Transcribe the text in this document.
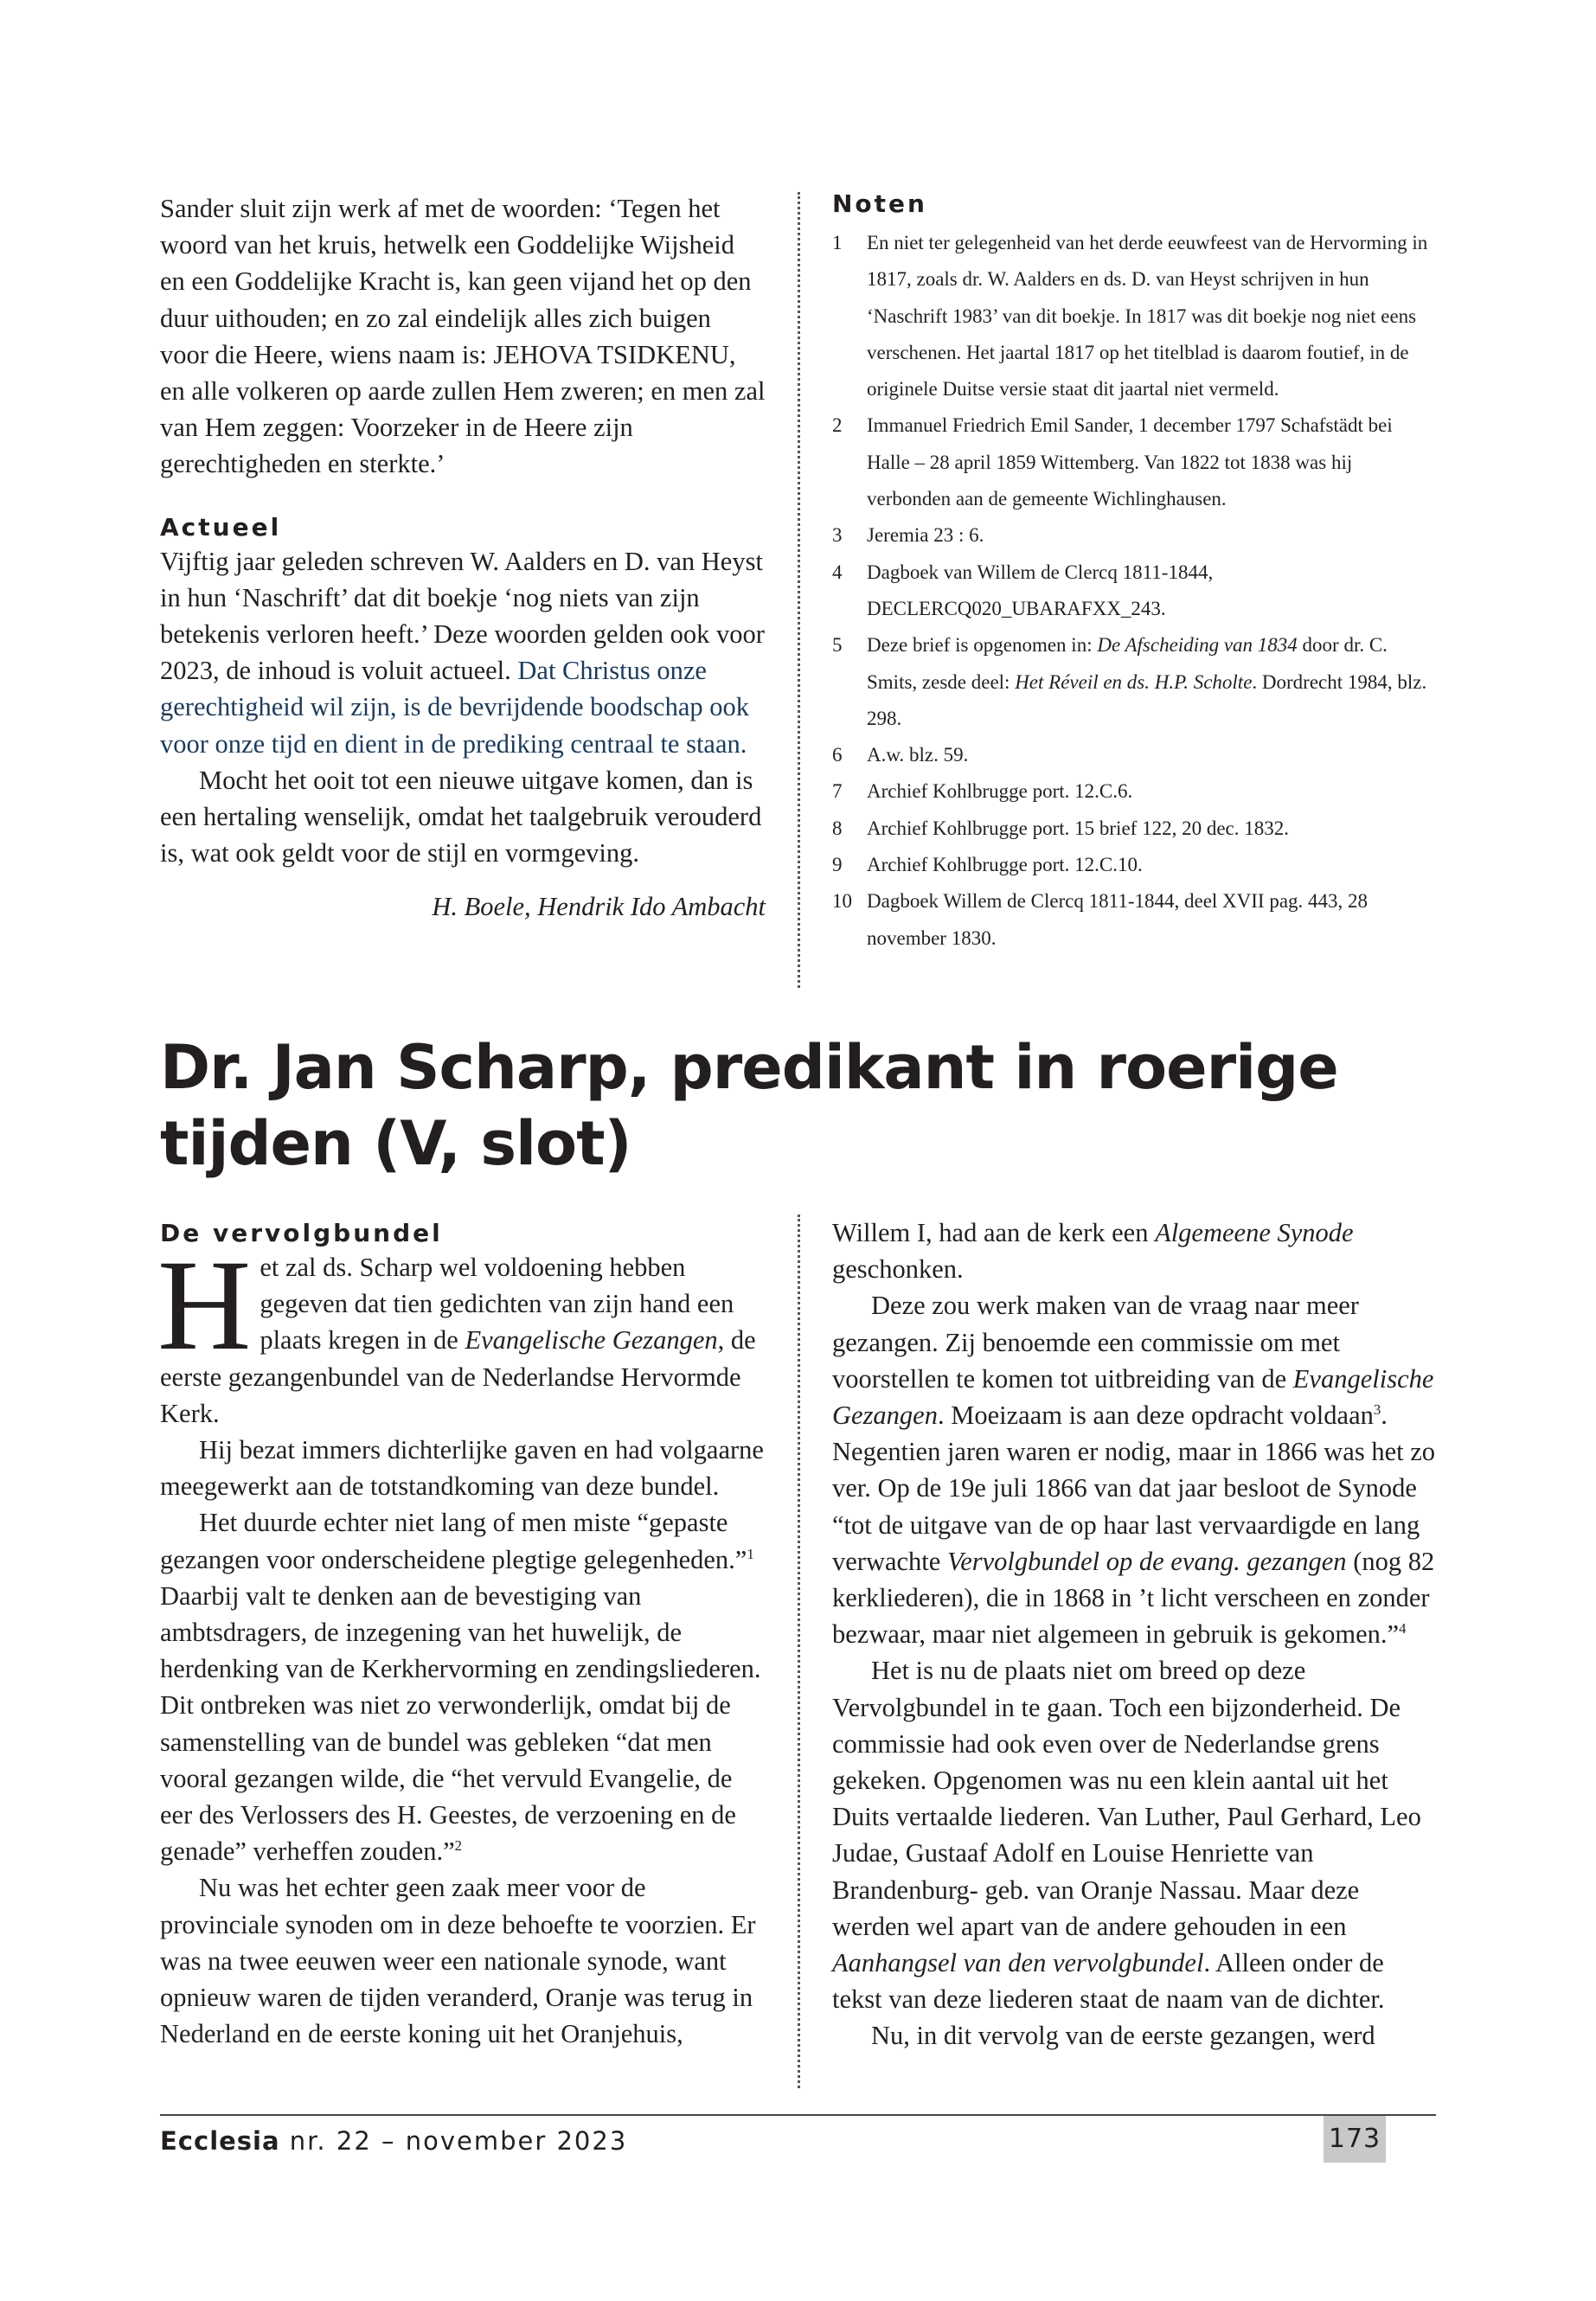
Sander sluit zijn werk af met de woorden: ‘Tegen het woord van het kruis, hetwelk een Goddelijke Wijsheid en een Goddelijke Kracht is, kan geen vijand het op den duur uithouden; en zo zal eindelijk alles zich buigen voor die Heere, wiens naam is: JEHOVA TSIDKENU, en alle volkeren op aarde zullen Hem zweren; en men zal van Hem zeggen: Voorzeker in de Heere zijn gerechtigheden en sterkte.’

Actueel

Vijftig jaar geleden schreven W. Aalders en D. van Heyst in hun ‘Naschrift’ dat dit boekje ‘nog niets van zijn betekenis verloren heeft.’ Deze woorden gelden ook voor 2023, de inhoud is voluit actueel. Dat Christus onze gerechtigheid wil zijn, is de bevrijdende boodschap ook voor onze tijd en dient in de prediking centraal te staan.

Mocht het ooit tot een nieuwe uitgave komen, dan is een hertaling wenselijk, omdat het taalgebruik verouderd is, wat ook geldt voor de stijl en vormgeving.

H. Boele, Hendrik Ido Ambacht

Noten
1	En niet ter gelegenheid van het derde eeuwfeest van de Hervorming in 1817, zoals dr. W. Aalders en ds. D. van Heyst schrijven in hun ‘Naschrift 1983’ van dit boekje. In 1817 was dit boekje nog niet eens verschenen. Het jaartal 1817 op het titelblad is daarom foutief, in de originele Duitse versie staat dit jaartal niet vermeld.
2	Immanuel Friedrich Emil Sander, 1 december 1797 Schafstädt bei Halle – 28 april 1859 Wittemberg. Van 1822 tot 1838 was hij verbonden aan de gemeente Wichlinghausen.
3	Jeremia 23 : 6.
4	Dagboek van Willem de Clercq 1811-1844, DECLERCQ020_UBARAFXX_243.
5	Deze brief is opgenomen in: De Afscheiding van 1834 door dr. C. Smits, zesde deel: Het Réveil en ds. H.P. Scholte. Dordrecht 1984, blz. 298.
6	A.w. blz. 59.
7	Archief Kohlbrugge port. 12.C.6.
8	Archief Kohlbrugge port. 15 brief 122, 20 dec. 1832.
9	Archief Kohlbrugge port. 12.C.10.
10 Dagboek Willem de Clercq 1811-1844, deel XVII pag. 443, 28 november 1830.
Dr. Jan Scharp, predikant in roerige tijden (V, slot)
De vervolgbundel

Het zal ds. Scharp wel voldoening hebben gegeven dat tien gedichten van zijn hand een plaats kregen in de Evangelische Gezangen, de eerste gezangenbundel van de Nederlandse Hervormde Kerk.

Hij bezat immers dichterlijke gaven en had volgaarne meegewerkt aan de totstandkoming van deze bundel.

Het duurde echter niet lang of men miste “gepaste gezangen voor onderscheidene plegtige gelegenheden.”$^1$ Daarbij valt te denken aan de bevestiging van ambtsdragers, de inzegening van het huwelijk, de herdenking van de Kerkhervorming en zendingsliederen. Dit ontbreken was niet zo verwonderlijk, omdat bij de samenstelling van de bundel was gebleken “dat men vooral gezangen wilde, die “het vervuld Evangelie, de eer des Verlossers des H. Geestes, de verzoening en de genade” verheffen zouden.”$^2$

Nu was het echter geen zaak meer voor de provinciale synoden om in deze behoefte te voorzien. Er was na twee eeuwen weer een nationale synode, want opnieuw waren de tijden veranderd, Oranje was terug in Nederland en de eerste koning uit het Oranjehuis,

Willem I, had aan de kerk een Algemeene Synode geschonken.

Deze zou werk maken van de vraag naar meer gezangen. Zij benoemde een commissie om met voorstellen te komen tot uitbreiding van de Evangelische Gezangen. Moeizaam is aan deze opdracht voldaan$^3$. Negentien jaren waren er nodig, maar in 1866 was het zo ver. Op de 19e juli 1866 van dat jaar besloot de Synode “tot de uitgave van de op haar last vervaardigde en lang verwachte Vervolgbundel op de evang. gezangen (nog 82 kerkliederen), die in 1868 in ’t licht verscheen en zonder bezwaar, maar niet algemeen in gebruik is gekomen.”$^4$

Het is nu de plaats niet om breed op deze Vervolgbundel in te gaan. Toch een bijzonderheid. De commissie had ook even over de Nederlandse grens gekeken. Opgenomen was nu een klein aantal uit het Duits vertaalde liederen. Van Luther, Paul Gerhard, Leo Judae, Gustaaf Adolf en Louise Henriette van Brandenburg- geb. van Oranje Nassau. Maar deze werden wel apart van de andere gehouden in een Aanhangsel van den vervolgbundel. Alleen onder de tekst van deze liederen staat de naam van de dichter.

Nu, in dit vervolg van de eerste gezangen, werd

Ecclesia nr. 22 – november 2023	173
